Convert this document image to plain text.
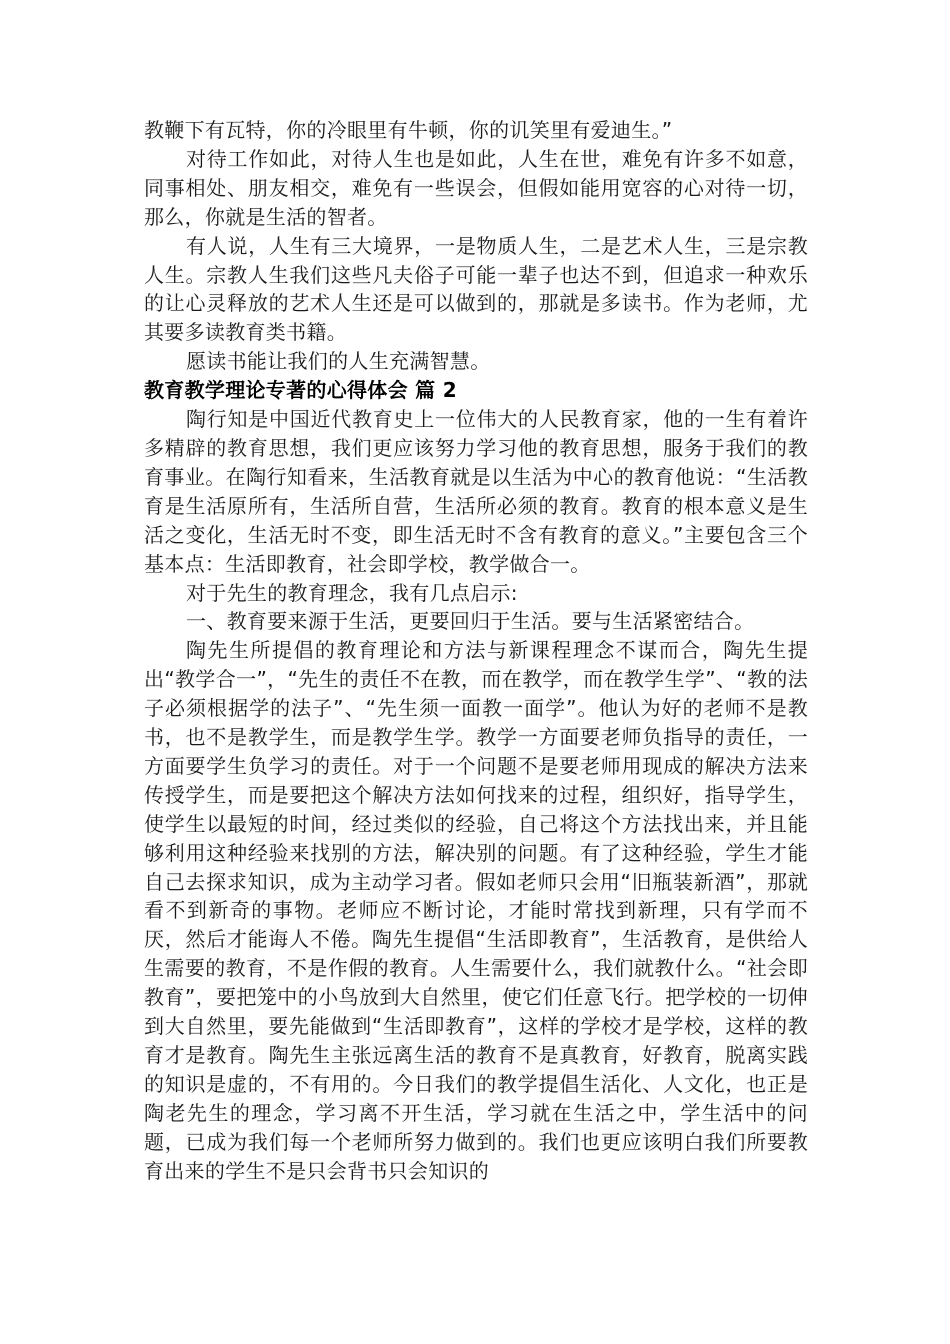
教鞭下有瓦特，你的冷眼里有牛顿，你的讥笑里有爱迪生。”

对待工作如此，对待人生也是如此，人生在世，难免有许多不如意，同事相处、朋友相交，难免有一些误会，但假如能用宽容的心对待一切，那么，你就是生活的智者。

有人说，人生有三大境界，一是物质人生，二是艺术人生，三是宗教人生。宗教人生我们这些凡夫俗子可能一辈子也达不到，但追求一种欢乐的让心灵释放的艺术人生还是可以做到的，那就是多读书。作为老师，尤其要多读教育类书籍。

愿读书能让我们的人生充满智慧。

教育教学理论专著的心得体会 篇 2

陶行知是中国近代教育史上一位伟大的人民教育家，他的一生有着许多精辟的教育思想，我们更应该努力学习他的教育思想，服务于我们的教育事业。在陶行知看来，生活教育就是以生活为中心的教育他说：“生活教育是生活原所有，生活所自营，生活所必须的教育。教育的根本意义是生活之变化，生活无时不变，即生活无时不含有教育的意义。”主要包含三个基本点：生活即教育，社会即学校，教学做合一。

对于先生的教育理念，我有几点启示:

一、教育要来源于生活，更要回归于生活。要与生活紧密结合。

陶先生所提倡的教育理论和方法与新课程理念不谋而合，陶先生提出“教学合一”，“先生的责任不在教，而在教学，而在教学生学”、“教的法子必须根据学的法子”、“先生须一面教一面学”。他认为好的老师不是教书，也不是教学生，而是教学生学。教学一方面要老师负指导的责任，一方面要学生负学习的责任。对于一个问题不是要老师用现成的解决方法来传授学生，而是要把这个解决方法如何找来的过程，组织好，指导学生，使学生以最短的时间，经过类似的经验，自己将这个方法找出来，并且能够利用这种经验来找别的方法，解决别的问题。有了这种经验，学生才能自己去探求知识，成为主动学习者。假如老师只会用“旧瓶装新酒”，那就看不到新奇的事物。老师应不断讨论，才能时常找到新理，只有学而不厌，然后才能诲人不倦。陶先生提倡“生活即教育”，生活教育，是供给人生需要的教育，不是作假的教育。人生需要什么，我们就教什么。“社会即教育”，要把笼中的小鸟放到大自然里，使它们任意飞行。把学校的一切伸到大自然里，要先能做到“生活即教育”，这样的学校才是学校，这样的教育才是教育。陶先生主张远离生活的教育不是真教育，好教育，脱离实践的知识是虚的，不有用的。今日我们的教学提倡生活化、人文化，也正是陶老先生的理念，学习离不开生活，学习就在生活之中，学生活中的问题，已成为我们每一个老师所努力做到的。我们也更应该明白我们所要教育出来的学生不是只会背书只会知识的
